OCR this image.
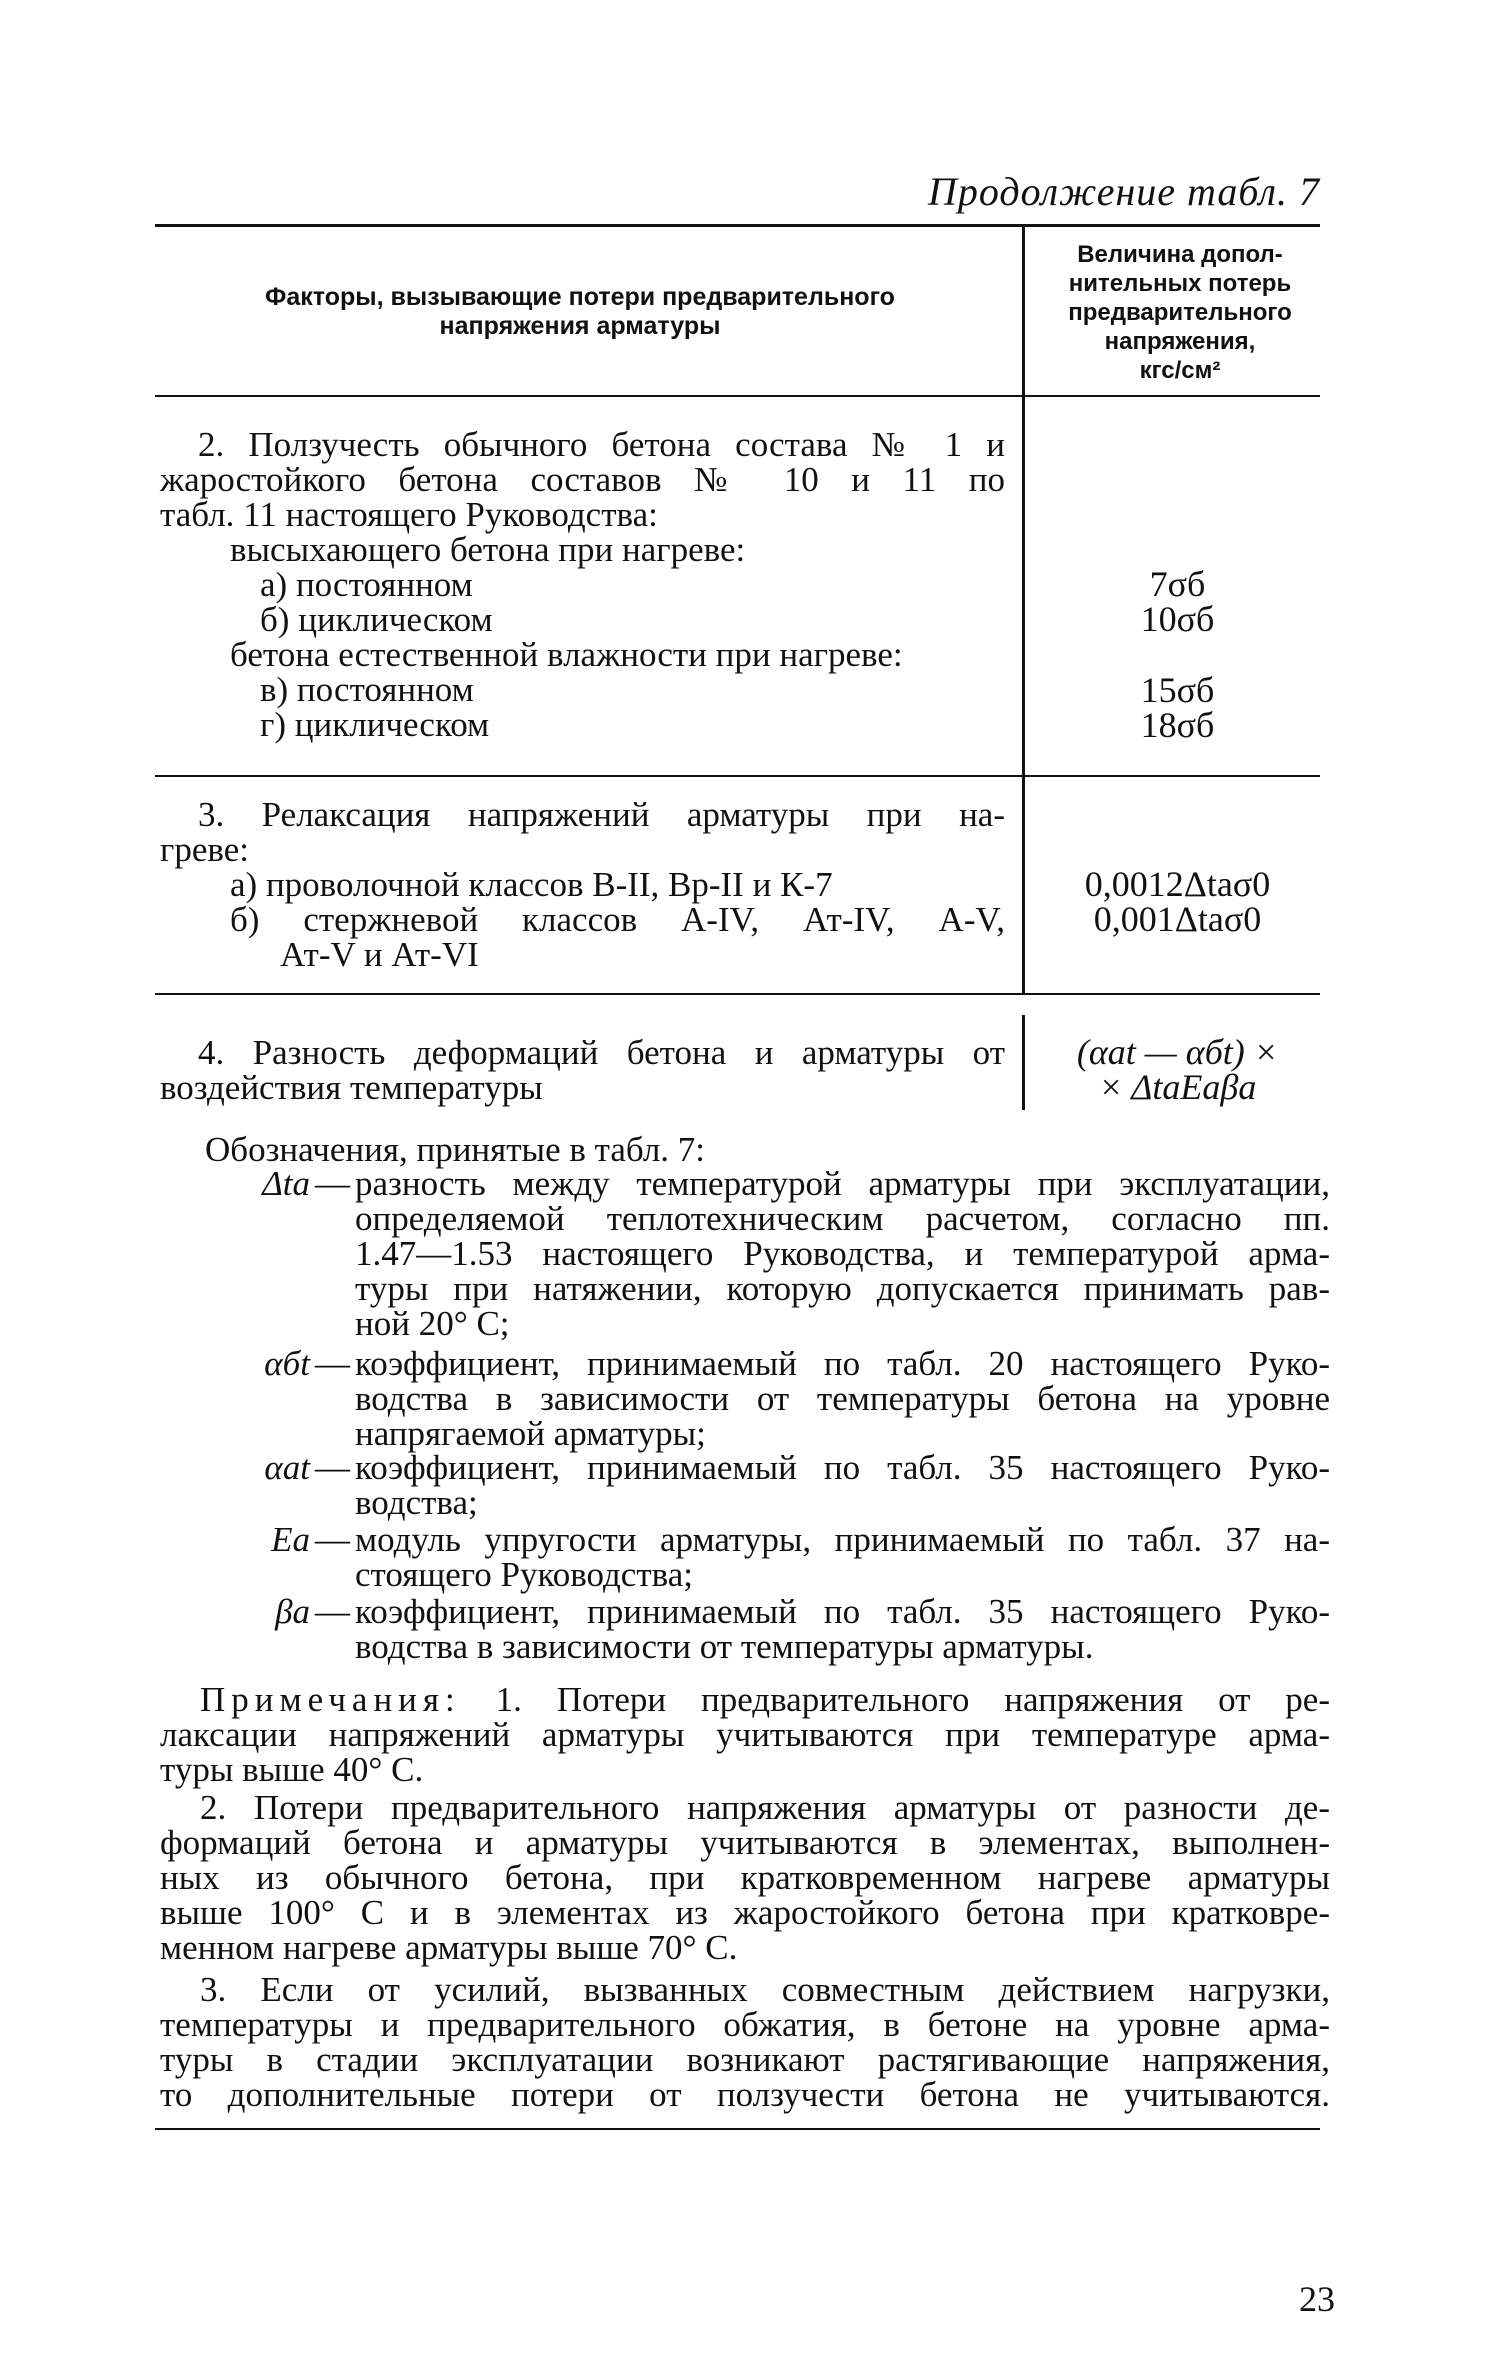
Продолжение табл. 7
Факторы, вызывающие потери предварительного напряжения арматуры
Величина допол-
нительных потерь
предварительного
напряжения,
кгс/см²
2. Ползучесть обычного бетона состава № 1 и
жаростойкого бетона составов № 10 и 11 по
табл. 11 настоящего Руководства:
высыхающего бетона при нагреве:
а) постоянном
б) циклическом
бетона естественной влажности при нагреве:
в) постоянном
г) циклическом
7σб
10σб
15σб
18σб
3. Релаксация напряжений арматуры при на-
греве:
а) проволочной классов В-II, Вр-II и К-7
б) стержневой классов А-IV, Ат-IV, А-V,
Ат-V и Ат-VI
0,0012Δtаσ0
0,001Δtаσ0
4. Разность деформаций бетона и арматуры от
воздействия температуры
(αаt — αбt) ×
× ΔtаЕаβа
Обозначения, принятые в табл. 7:
Δtа — разность между температурой арматуры при эксплуатации,
определяемой теплотехническим расчетом, согласно пп.
1.47—1.53 настоящего Руководства, и температурой арма-
туры при натяжении, которую допускается принимать рав-
ной 20° С;
αбt — коэффициент, принимаемый по табл. 20 настоящего Руко-
водства в зависимости от температуры бетона на уровне
напрягаемой арматуры;
αаt — коэффициент, принимаемый по табл. 35 настоящего Руко-
водства;
Еа — модуль упругости арматуры, принимаемый по табл. 37 на-
стоящего Руководства;
βа — коэффициент, принимаемый по табл. 35 настоящего Руко-
водства в зависимости от температуры арматуры.
Примечания: 1. Потери предварительного напряжения от ре-
лаксации напряжений арматуры учитываются при температуре арма-
туры выше 40° С.
2. Потери предварительного напряжения арматуры от разности де-
формаций бетона и арматуры учитываются в элементах, выполнен-
ных из обычного бетона, при кратковременном нагреве арматуры
выше 100° С и в элементах из жаростойкого бетона при кратковре-
менном нагреве арматуры выше 70° С.
3. Если от усилий, вызванных совместным действием нагрузки,
температуры и предварительного обжатия, в бетоне на уровне арма-
туры в стадии эксплуатации возникают растягивающие напряжения,
то дополнительные потери от ползучести бетона не учитываются.
23
